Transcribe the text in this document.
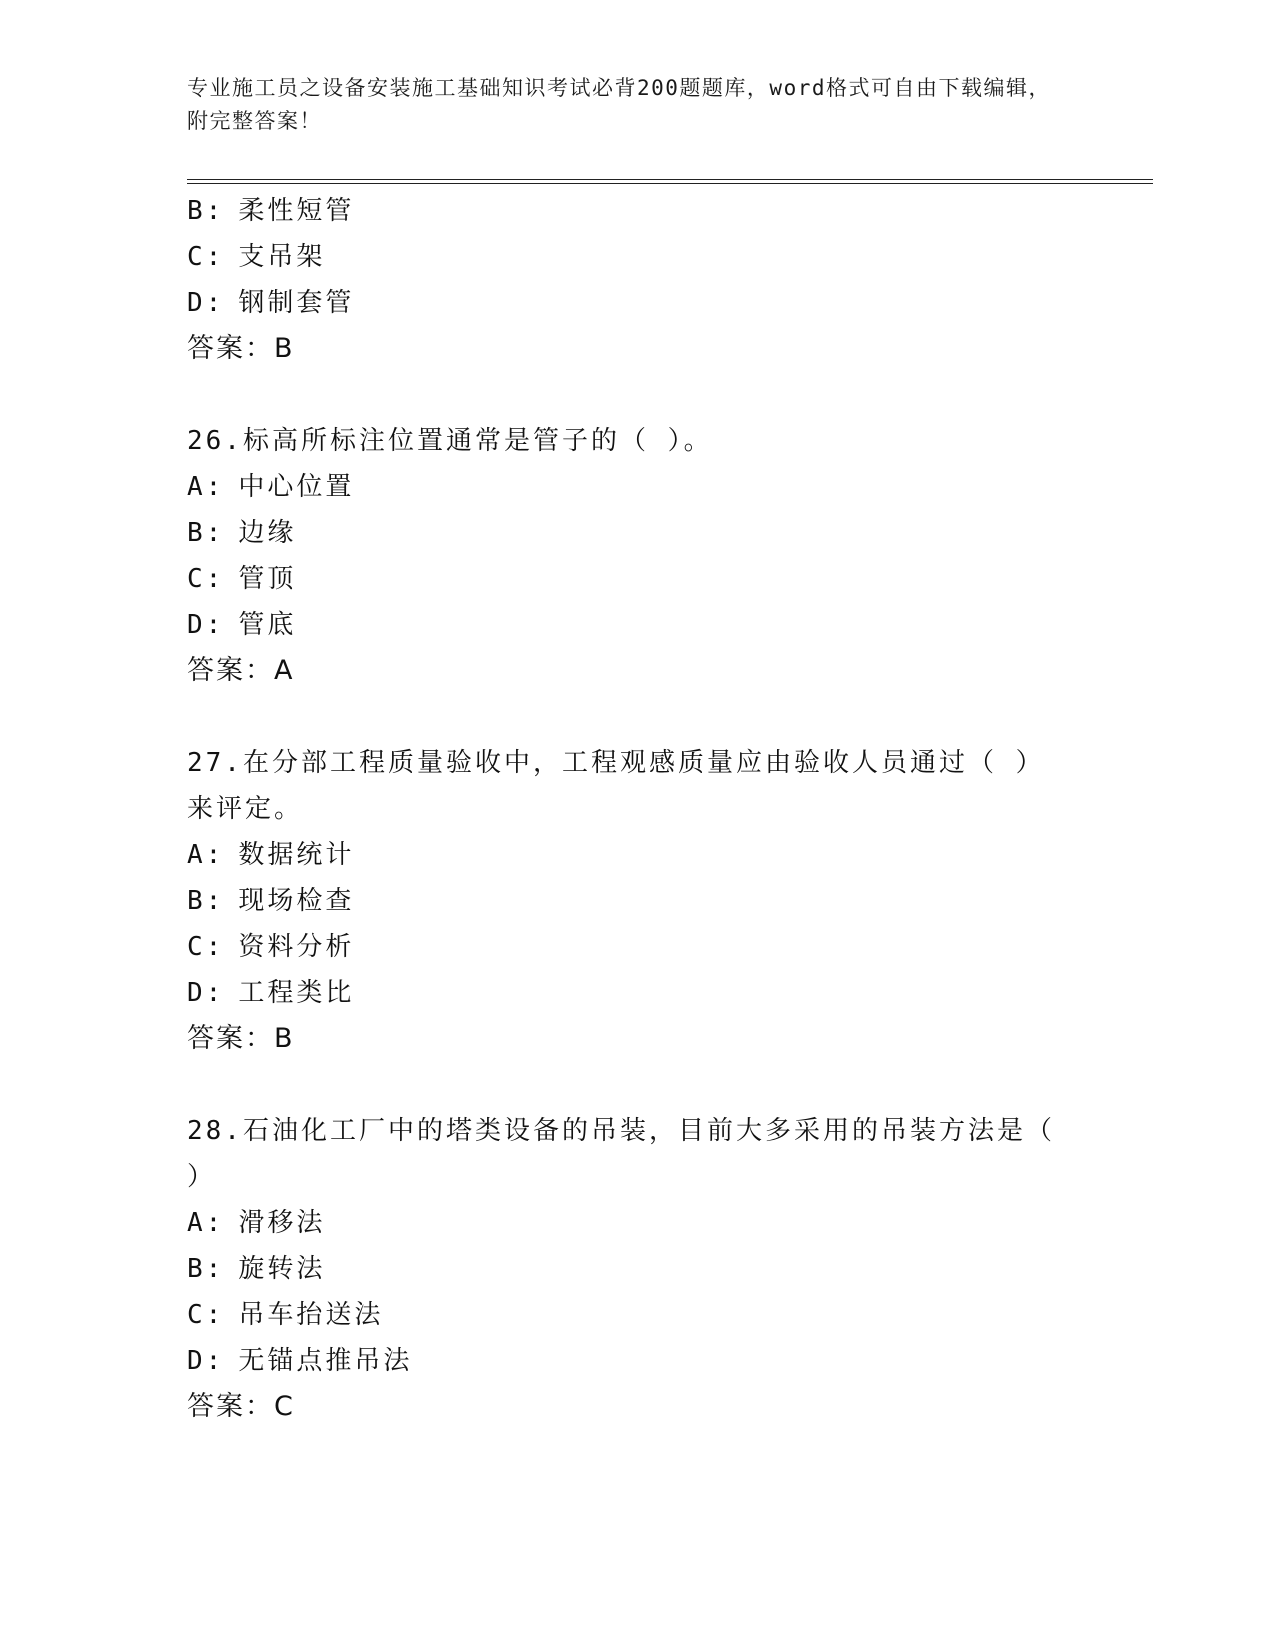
专业施工员之设备安装施工基础知识考试必背200题题库，word格式可自由下载编辑，附完整答案！
B: 柔性短管
C: 支吊架
D: 钢制套管
答案：B
26.标高所标注位置通常是管子的（ ）。
A: 中心位置
B: 边缘
C: 管顶
D: 管底
答案：A
27.在分部工程质量验收中，工程观感质量应由验收人员通过（ ）来评定。
A: 数据统计
B: 现场检查
C: 资料分析
D: 工程类比
答案：B
28.石油化工厂中的塔类设备的吊装，目前大多采用的吊装方法是（ ）
A: 滑移法
B: 旋转法
C: 吊车抬送法
D: 无锚点推吊法
答案：C
